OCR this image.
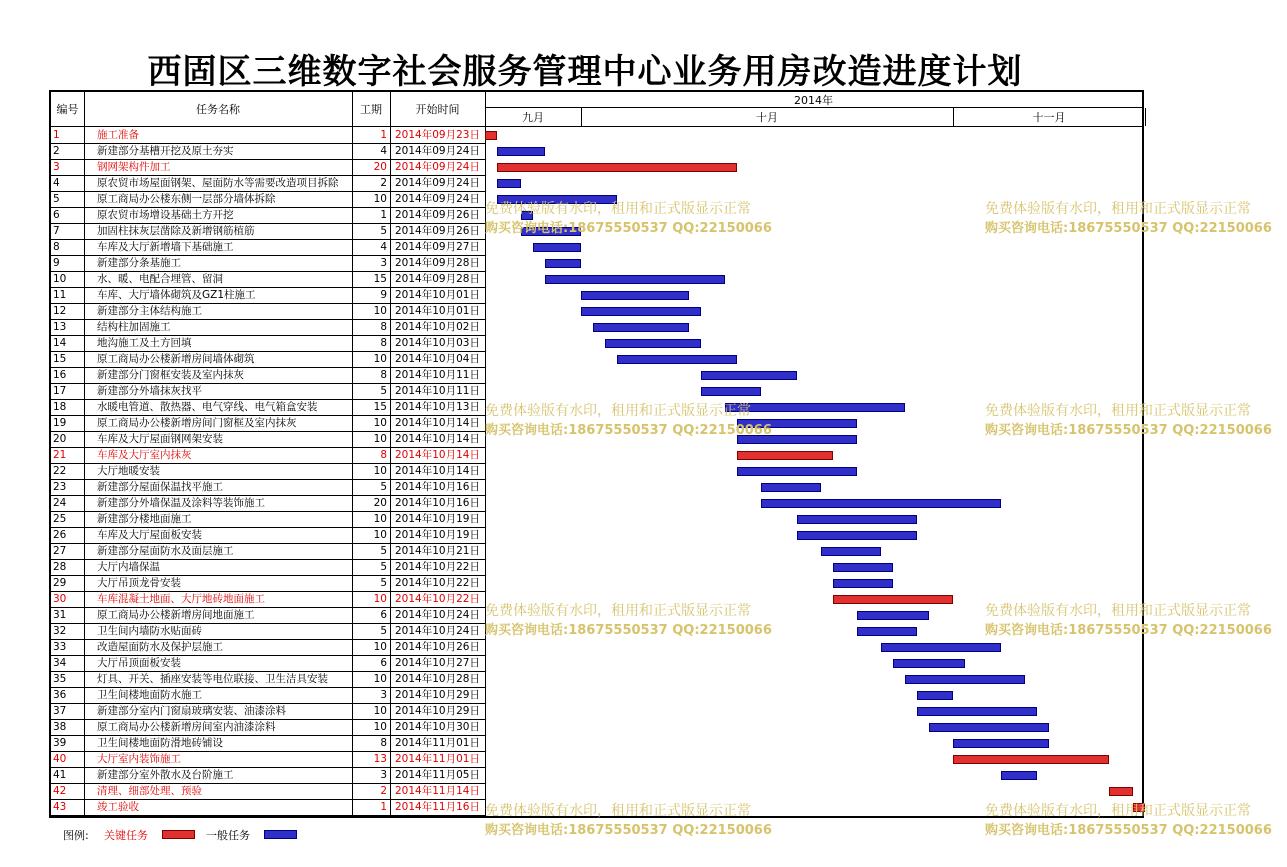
西固区三维数字社会服务管理中心业务用房改造进度计划
编号	任务名称	工期	开始时间
2014年
九月	十月	十一月
1	施工准备	1 2014年09月23日
2	新建部分基槽开挖及原土夯实	4 2014年09月24日
3	钢网架构件加工	20 2014年09月24日
4	原农贸市场屋面钢架、屋面防水等需要改造项目拆除	2 2014年09月24日
5	原工商局办公楼东侧一层部分墙体拆除	10 2014年09月24日
6	原农贸市场增设基础土方开挖	1 2014年09月26日
7	加固柱抹灰层凿除及新增钢筋植筋	5 2014年09月26日
8	车库及大厅新增墙下基础施工	4 2014年09月27日
9	新建部分条基施工	3 2014年09月28日
10	水、暖、电配合埋管、留洞	15 2014年09月28日
11	车库、大厅墙体砌筑及GZ1柱施工	9 2014年10月01日
12	新建部分主体结构施工	10 2014年10月01日
13	结构柱加固施工	8 2014年10月02日
14	地沟施工及土方回填	8 2014年10月03日
15	原工商局办公楼新增房间墙体砌筑	10 2014年10月04日
16	新建部分门窗框安装及室内抹灰	8 2014年10月11日
17	新建部分外墙抹灰找平	5 2014年10月11日
18	水暖电管道、散热器、电气穿线、电气箱盒安装	15 2014年10月13日
19	原工商局办公楼新增房间门窗框及室内抹灰	10 2014年10月14日
20	车库及大厅屋面钢网架安装	10 2014年10月14日
21	车库及大厅室内抹灰	8 2014年10月14日
22	大厅地暖安装	10 2014年10月14日
23	新建部分屋面保温找平施工	5 2014年10月16日
24	新建部分外墙保温及涂料等装饰施工	20 2014年10月16日
25	新建部分楼地面施工	10 2014年10月19日
26	车库及大厅屋面板安装	10 2014年10月19日
27	新建部分屋面防水及面层施工	5 2014年10月21日
28	大厅内墙保温	5 2014年10月22日
29	大厅吊顶龙骨安装	5 2014年10月22日
30	车库混凝土地面、大厅地砖地面施工	10 2014年10月22日
31	原工商局办公楼新增房间地面施工	6 2014年10月24日
32	卫生间内墙防水贴面砖	5 2014年10月24日
33	改造屋面防水及保护层施工	10 2014年10月26日
34	大厅吊顶面板安装	6 2014年10月27日
35	灯具、开关、插座安装等电位联接、卫生洁具安装	10 2014年10月28日
36	卫生间楼地面防水施工	3 2014年10月29日
37	新建部分室内门窗扇玻璃安装、油漆涂料	10 2014年10月29日
38	原工商局办公楼新增房间室内油漆涂料	10 2014年10月30日
39	卫生间楼地面防滑地砖铺设	8 2014年11月01日
40	大厅室内装饰施工	13 2014年11月01日
41	新建部分室外散水及台阶施工	3 2014年11月05日
42	清理、细部处理、预验	2 2014年11月14日
43	竣工验收	1 2014年11月16日
免费体验版有水印，租用和正式版显示正常
购买咨询电话:18675550537 QQ:22150066
免费体验版有水印，租用和正式版显示正常
购买咨询电话:18675550537 QQ:22150066
免费体验版有水印，租用和正式版显示正常
购买咨询电话:18675550537 QQ:22150066
免费体验版有水印，租用和正式版显示正常
购买咨询电话:18675550537 QQ:22150066
免费体验版有水印，租用和正式版显示正常
购买咨询电话:18675550537 QQ:22150066
免费体验版有水印，租用和正式版显示正常
购买咨询电话:18675550537 QQ:22150066
免费体验版有水印，租用和正式版显示正常
购买咨询电话:18675550537 QQ:22150066
免费体验版有水印，租用和正式版显示正常
购买咨询电话:18675550537 QQ:22150066
图例: 关键任务	一般任务
